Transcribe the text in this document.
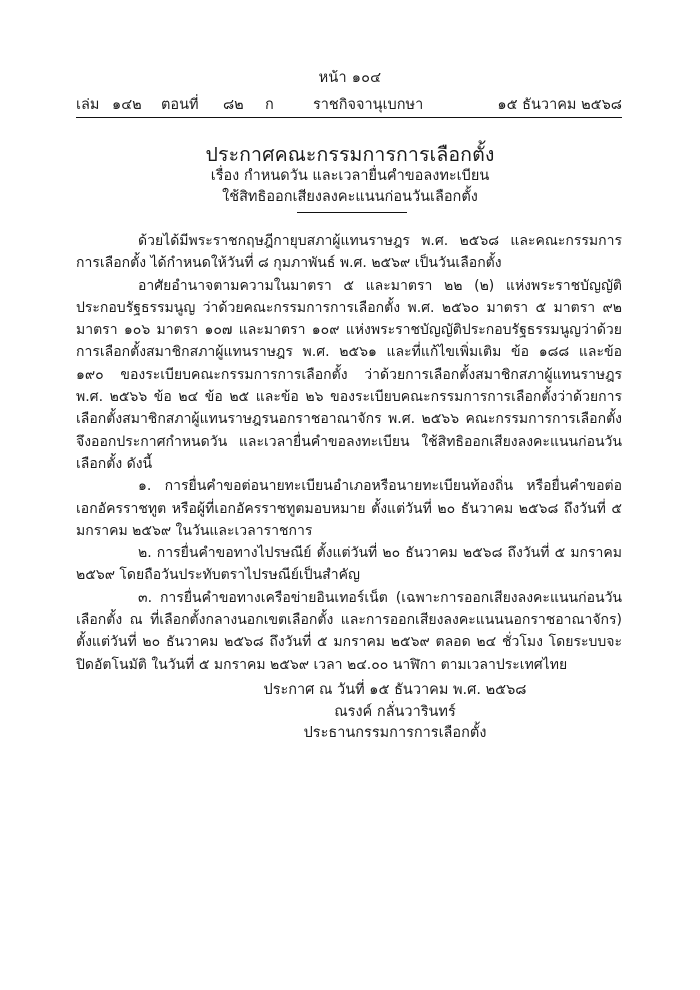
หน้า ๑๐๔
เล่ม ๑๔๒ ตอนที่ ๘๒ ก	ราชกิจจานุเบกษา	๑๕ ธันวาคม ๒๕๖๘
ประกาศคณะกรรมการการเลือกตั้ง
เรื่อง กำหนดวัน และเวลายื่นคำขอลงทะเบียน
ใช้สิทธิออกเสียงลงคะแนนก่อนวันเลือกตั้ง

ด้วยได้มีพระราชกฤษฎีกายุบสภาผู้แทนราษฎร พ.ศ. ๒๕๖๘ และคณะกรรมการการเลือกตั้ง ได้กำหนดให้วันที่ ๘ กุมภาพันธ์ พ.ศ. ๒๕๖๙ เป็นวันเลือกตั้ง

อาศัยอำนาจตามความในมาตรา ๕ และมาตรา ๒๒ (๒) แห่งพระราชบัญญัติประกอบรัฐธรรมนูญ ว่าด้วยคณะกรรมการการเลือกตั้ง พ.ศ. ๒๕๖๐ มาตรา ๕ มาตรา ๙๒ มาตรา ๑๐๖ มาตรา ๑๐๗ และมาตรา ๑๐๙ แห่งพระราชบัญญัติประกอบรัฐธรรมนูญว่าด้วยการเลือกตั้งสมาชิกสภาผู้แทนราษฎร พ.ศ. ๒๕๖๑ และที่แก้ไขเพิ่มเติม ข้อ ๑๘๘ และข้อ ๑๙๐ ของระเบียบคณะกรรมการการเลือกตั้ง ว่าด้วยการเลือกตั้งสมาชิกสภาผู้แทนราษฎร พ.ศ. ๒๕๖๖ ข้อ ๒๔ ข้อ ๒๕ และข้อ ๒๖ ของระเบียบคณะกรรมการการเลือกตั้งว่าด้วยการเลือกตั้งสมาชิกสภาผู้แทนราษฎรนอกราชอาณาจักร พ.ศ. ๒๕๖๖ คณะกรรมการการเลือกตั้งจึงออกประกาศกำหนดวัน และเวลายื่นคำขอลงทะเบียน ใช้สิทธิออกเสียงลงคะแนนก่อนวันเลือกตั้ง ดังนี้

๑. การยื่นคำขอต่อนายทะเบียนอำเภอหรือนายทะเบียนท้องถิ่น หรือยื่นคำขอต่อเอกอัครราชทูต หรือผู้ที่เอกอัครราชทูตมอบหมาย ตั้งแต่วันที่ ๒๐ ธันวาคม ๒๕๖๘ ถึงวันที่ ๕ มกราคม ๒๕๖๙ ในวันและเวลาราชการ

๒. การยื่นคำขอทางไปรษณีย์ ตั้งแต่วันที่ ๒๐ ธันวาคม ๒๕๖๘ ถึงวันที่ ๕ มกราคม ๒๕๖๙ โดยถือวันประทับตราไปรษณีย์เป็นสำคัญ

๓. การยื่นคำขอทางเครือข่ายอินเทอร์เน็ต (เฉพาะการออกเสียงลงคะแนนก่อนวันเลือกตั้ง ณ ที่เลือกตั้งกลางนอกเขตเลือกตั้ง และการออกเสียงลงคะแนนนอกราชอาณาจักร) ตั้งแต่วันที่ ๒๐ ธันวาคม ๒๕๖๘ ถึงวันที่ ๕ มกราคม ๒๕๖๙ ตลอด ๒๔ ชั่วโมง โดยระบบจะปิดอัตโนมัติ ในวันที่ ๕ มกราคม ๒๕๖๙ เวลา ๒๔.๐๐ นาฬิกา ตามเวลาประเทศไทย

ประกาศ ณ วันที่ ๑๕ ธันวาคม พ.ศ. ๒๕๖๘
ณรงค์ กลั่นวารินทร์
ประธานกรรมการการเลือกตั้ง
